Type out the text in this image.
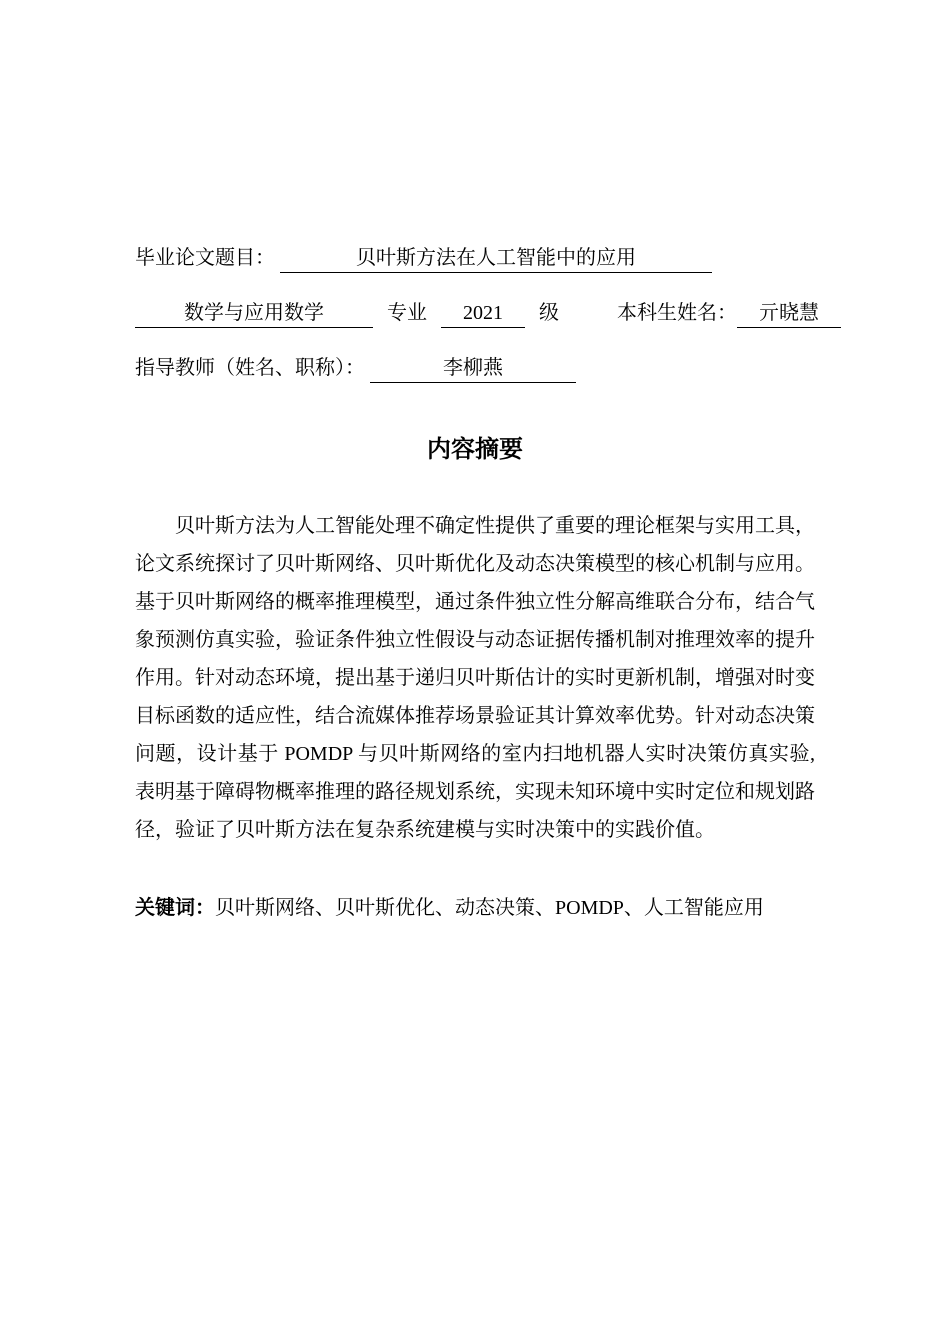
毕业论文题目：	贝叶斯方法在人工智能中的应用
数学与应用数学	专业 2021 级	本科生姓名： 亓晓慧
指导教师（姓名、职称）：	李柳燕
内容摘要
贝叶斯方法为人工智能处理不确定性提供了重要的理论框架与实用工具，论文系统探讨了贝叶斯网络、贝叶斯优化及动态决策模型的核心机制与应用。基于贝叶斯网络的概率推理模型，通过条件独立性分解高维联合分布，结合气象预测仿真实验，验证条件独立性假设与动态证据传播机制对推理效率的提升作用。针对动态环境，提出基于递归贝叶斯估计的实时更新机制，增强对时变目标函数的适应性，结合流媒体推荐场景验证其计算效率优势。针对动态决策问题，设计基于 POMDP 与贝叶斯网络的室内扫地机器人实时决策仿真实验,表明基于障碍物概率推理的路径规划系统，实现未知环境中实时定位和规划路径，验证了贝叶斯方法在复杂系统建模与实时决策中的实践价值。
关键词：贝叶斯网络、贝叶斯优化、动态决策、POMDP、人工智能应用
